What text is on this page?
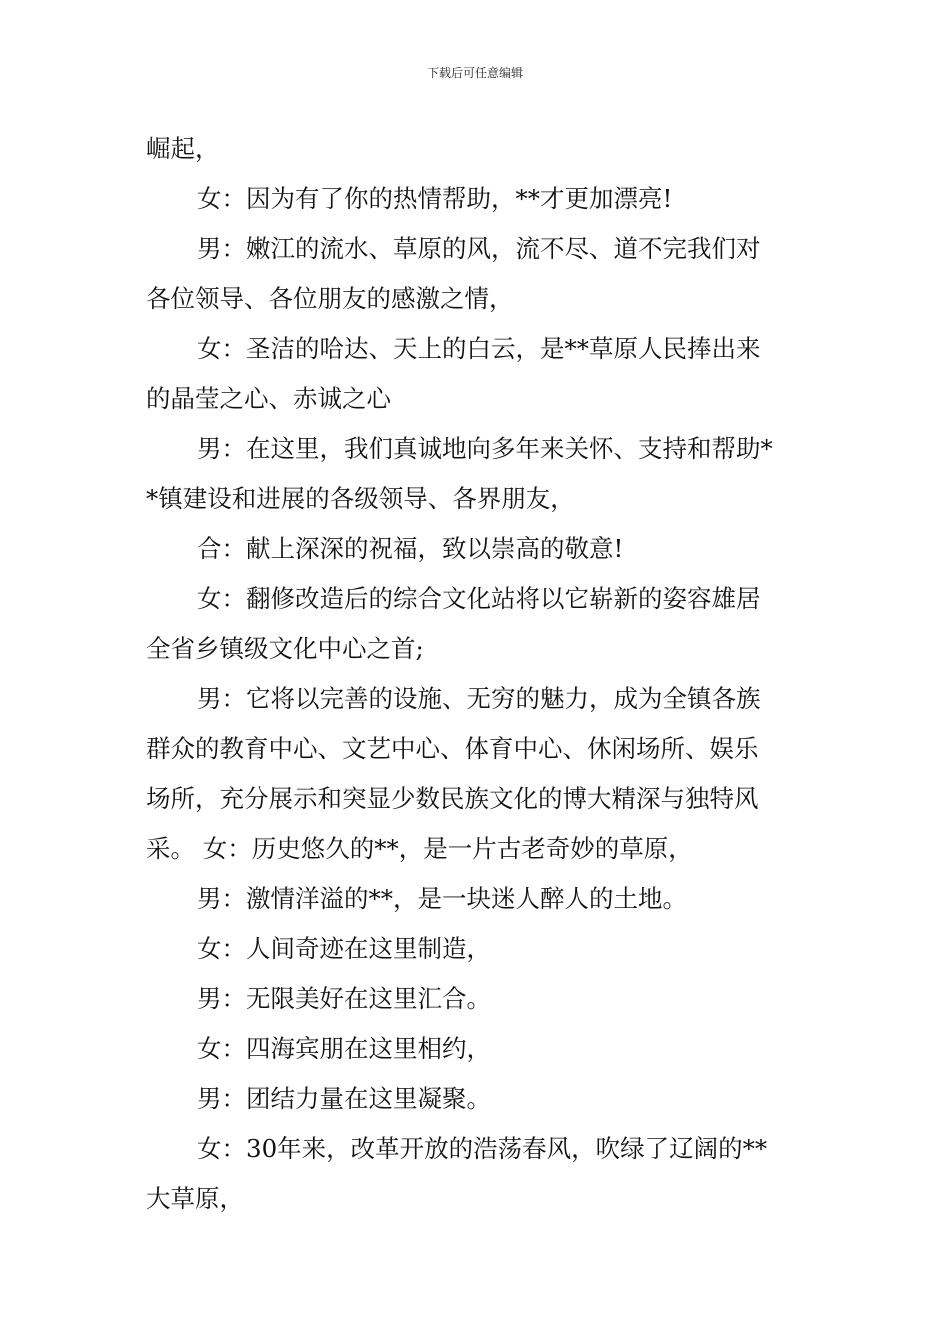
下载后可任意编辑
崛起，
女：因为有了你的热情帮助，**才更加漂亮!
男：嫩江的流水、草原的风，流不尽、道不完我们对
各位领导、各位朋友的感激之情，
女：圣洁的哈达、天上的白云，是**草原人民捧出来
的晶莹之心、赤诚之心
男：在这里，我们真诚地向多年来关怀、支持和帮助*
*镇建设和进展的各级领导、各界朋友，
合：献上深深的祝福，致以崇高的敬意!
女：翻修改造后的综合文化站将以它崭新的姿容雄居
全省乡镇级文化中心之首;
男：它将以完善的设施、无穷的魅力，成为全镇各族
群众的教育中心、文艺中心、体育中心、休闲场所、娱乐
场所，充分展示和突显少数民族文化的博大精深与独特风
采。 女：历史悠久的**，是一片古老奇妙的草原，
男：激情洋溢的**，是一块迷人醉人的土地。
女：人间奇迹在这里制造，
男：无限美好在这里汇合。
女：四海宾朋在这里相约，
男：团结力量在这里凝聚。
女：30年来，改革开放的浩荡春风，吹绿了辽阔的**
大草原，
